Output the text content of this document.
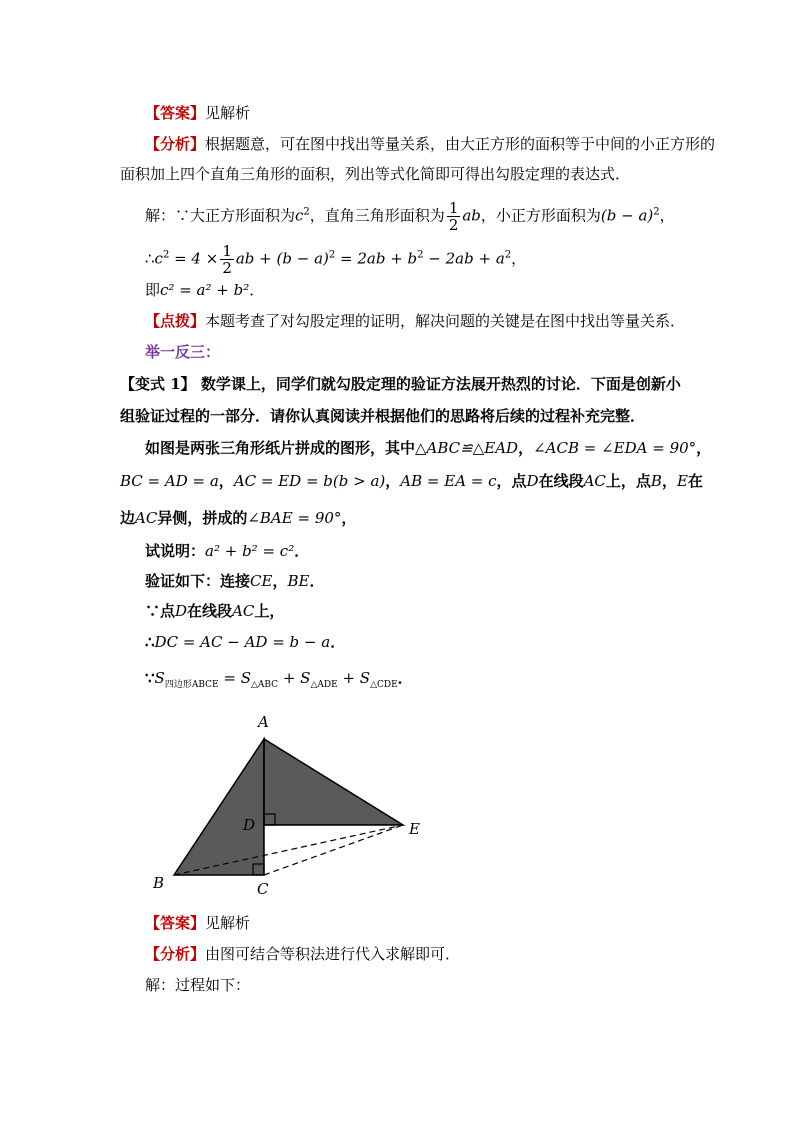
【答案】见解析
【分析】根据题意，可在图中找出等量关系，由大正方形的面积等于中间的小正方形的
面积加上四个直角三角形的面积，列出等式化简即可得出勾股定理的表达式．
解：∵大正方形面积为$c^2$，直角三角形面积为 $\frac{1}{2}$ ab，小正方形面积为$(b - a)^2$，
$\therefore c^2 = 4 \times \frac{1}{2}$ ab + $(b - a)^2 = 2ab + b^2 - 2ab + a^2$，
即c² = a² + b²．
【点拨】本题考查了对勾股定理的证明，解决问题的关键是在图中找出等量关系．
举一反三：
【变式 1】 数学课上，同学们就勾股定理的验证方法展开热烈的讨论．下面是创新小
组验证过程的一部分．请你认真阅读并根据他们的思路将后续的过程补充完整．
如图是两张三角形纸片拼成的图形，其中△ABC≌△EAD，∠ACB = ∠EDA = 90°，
BC = AD = a，AC = ED = b(b > a)，AB = EA = c，点D在线段AC上，点B，E在
边AC异侧，拼成的∠BAE = 90°，
试说明：a² + b² = c²．
验证如下：连接CE，BE．
∵点D在线段AC上，
∴DC = AC − AD = b − a．
$\because S_{四边形ABCE} = S_{\triangle ABC} + S_{\triangle ADE} + S_{\triangle CDE}$．
A
B	C
D	E
【答案】见解析
【分析】由图可结合等积法进行代入求解即可．
解：过程如下：
